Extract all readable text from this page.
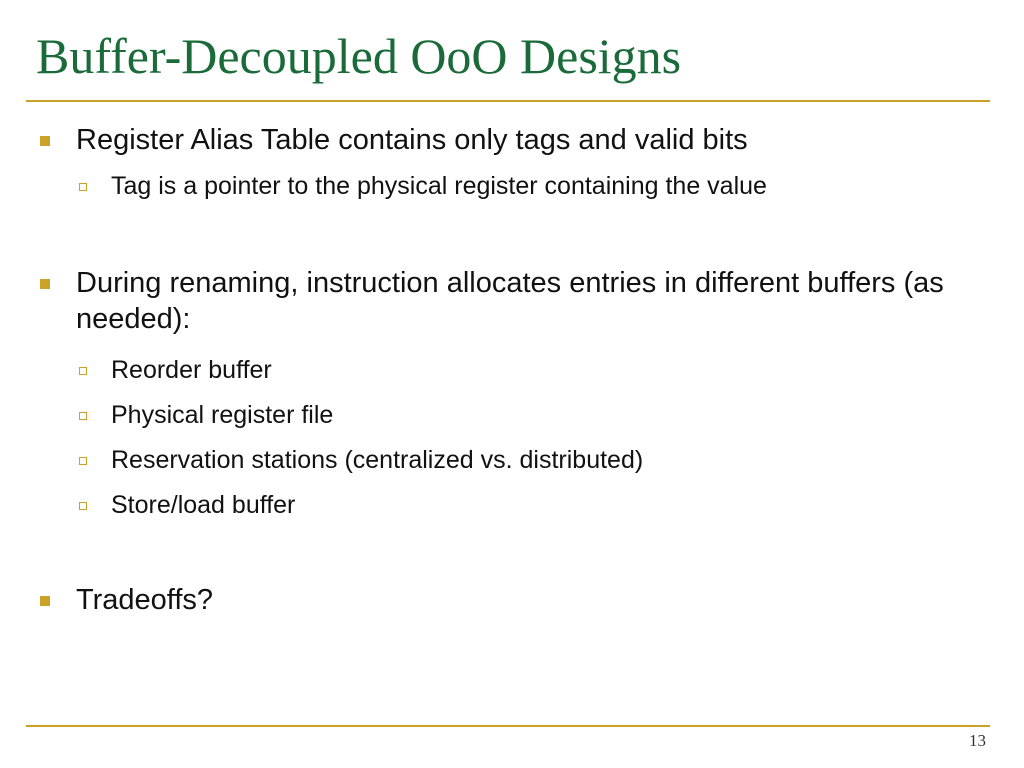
Buffer-Decoupled OoO Designs
Register Alias Table contains only tags and valid bits
Tag is a pointer to the physical register containing the value
During renaming, instruction allocates entries in different buffers (as needed):
Reorder buffer
Physical register file
Reservation stations (centralized vs. distributed)
Store/load buffer
Tradeoffs?
13
